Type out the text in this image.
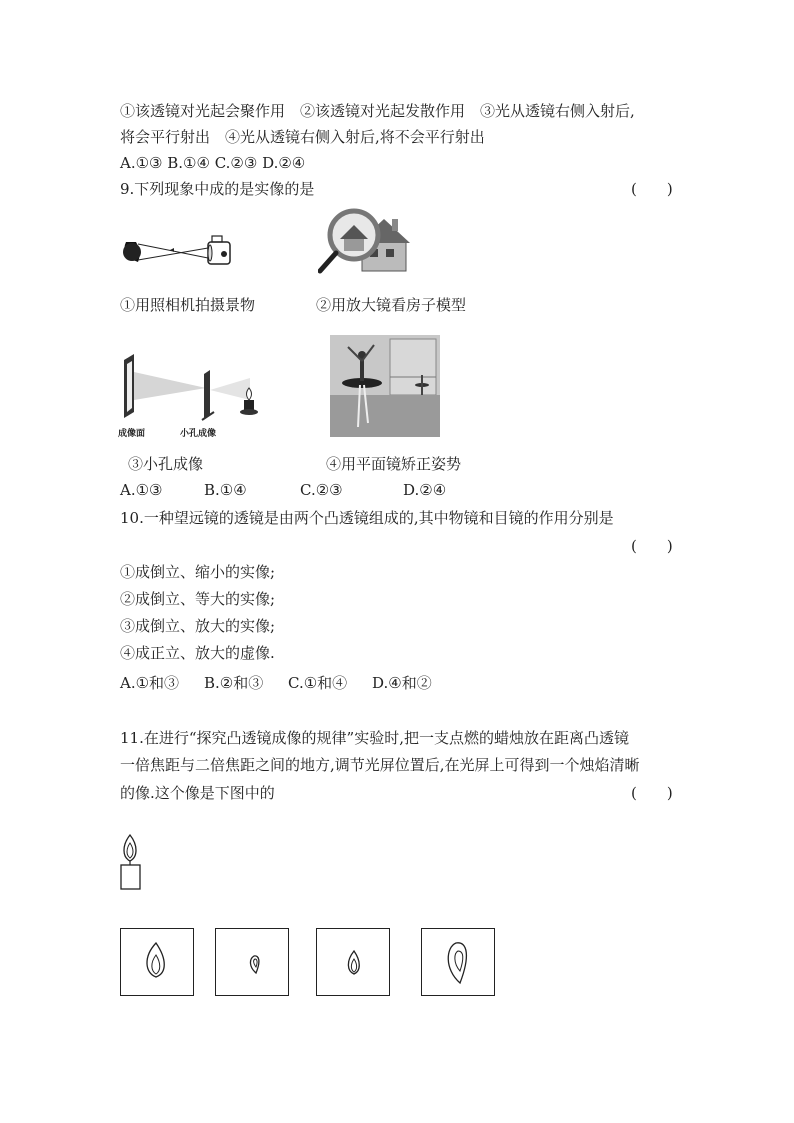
①该透镜对光起会聚作用　②该透镜对光起发散作用　③光从透镜右侧入射后,
将会平行射出　④光从透镜右侧入射后,将不会平行射出
A.①③ B.①④ C.②③ D.②④
9.下列现象中成的是实像的是	(　　)
①用照相机拍摄景物	②用放大镜看房子模型
成像面	小孔成像
③小孔成像	④用平面镜矫正姿势
A.①③	B.①④	C.②③	D.②④
10.一种望远镜的透镜是由两个凸透镜组成的,其中物镜和目镜的作用分别是
(　　)
①成倒立、缩小的实像;
②成倒立、等大的实像;
③成倒立、放大的实像;
④成正立、放大的虚像.
A.①和③ B.②和③ C.①和④ D.④和②
11.在进行“探究凸透镜成像的规律”实验时,把一支点燃的蜡烛放在距离凸透镜
一倍焦距与二倍焦距之间的地方,调节光屏位置后,在光屏上可得到一个烛焰清晰
的像.这个像是下图中的	(　　)
